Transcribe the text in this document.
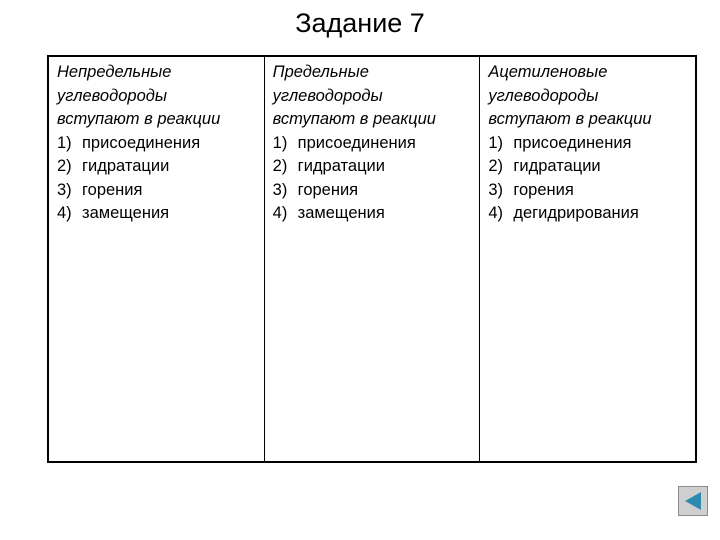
Задание 7

Непредельные
углеводороды
вступают в реакции

1) присоединения
2) гидратации
3) горения
4) замещения

Предельные
углеводороды
вступают в реакции

1) присоединения
2) гидратации
3) горения
4) замещения

Ацетиленовые
углеводороды
вступают в реакции

1) присоединения
2) гидратации
3) горения
4) дегидрирования
